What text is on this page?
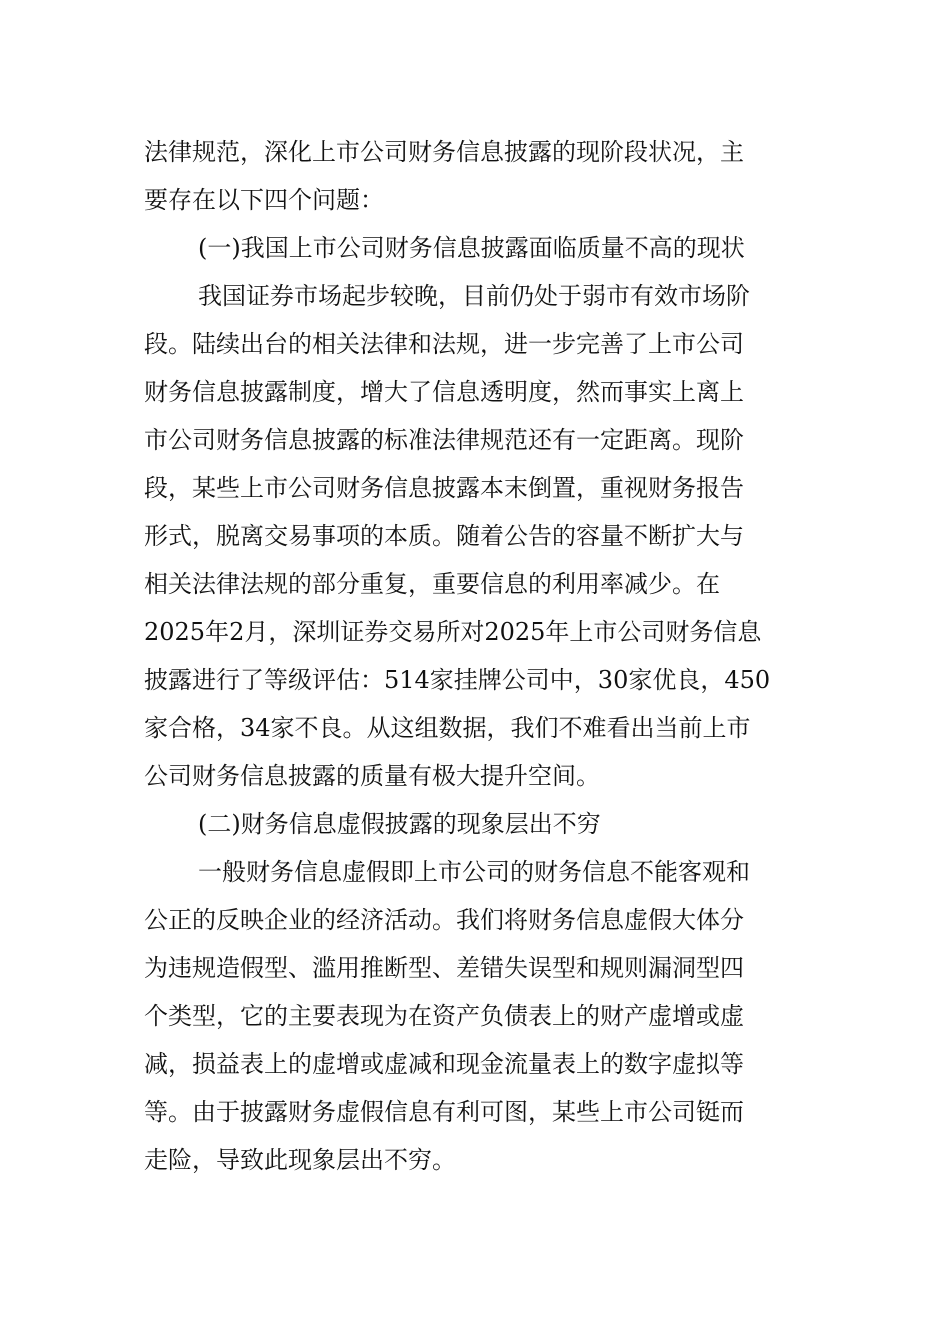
法律规范，深化上市公司财务信息披露的现阶段状况，主
要存在以下四个问题：
(一)我国上市公司财务信息披露面临质量不高的现状
我国证券市场起步较晚，目前仍处于弱市有效市场阶
段。陆续出台的相关法律和法规，进一步完善了上市公司
财务信息披露制度，增大了信息透明度，然而事实上离上
市公司财务信息披露的标准法律规范还有一定距离。现阶
段，某些上市公司财务信息披露本末倒置，重视财务报告
形式，脱离交易事项的本质。随着公告的容量不断扩大与
相关法律法规的部分重复，重要信息的利用率减少。在
2025年2月，深圳证券交易所对2025年上市公司财务信息
披露进行了等级评估：514家挂牌公司中，30家优良，450
家合格，34家不良。从这组数据，我们不难看出当前上市
公司财务信息披露的质量有极大提升空间。
(二)财务信息虚假披露的现象层出不穷
一般财务信息虚假即上市公司的财务信息不能客观和
公正的反映企业的经济活动。我们将财务信息虚假大体分
为违规造假型、滥用推断型、差错失误型和规则漏洞型四
个类型，它的主要表现为在资产负债表上的财产虚增或虚
减，损益表上的虚增或虚减和现金流量表上的数字虚拟等
等。由于披露财务虚假信息有利可图，某些上市公司铤而
走险，导致此现象层出不穷。
